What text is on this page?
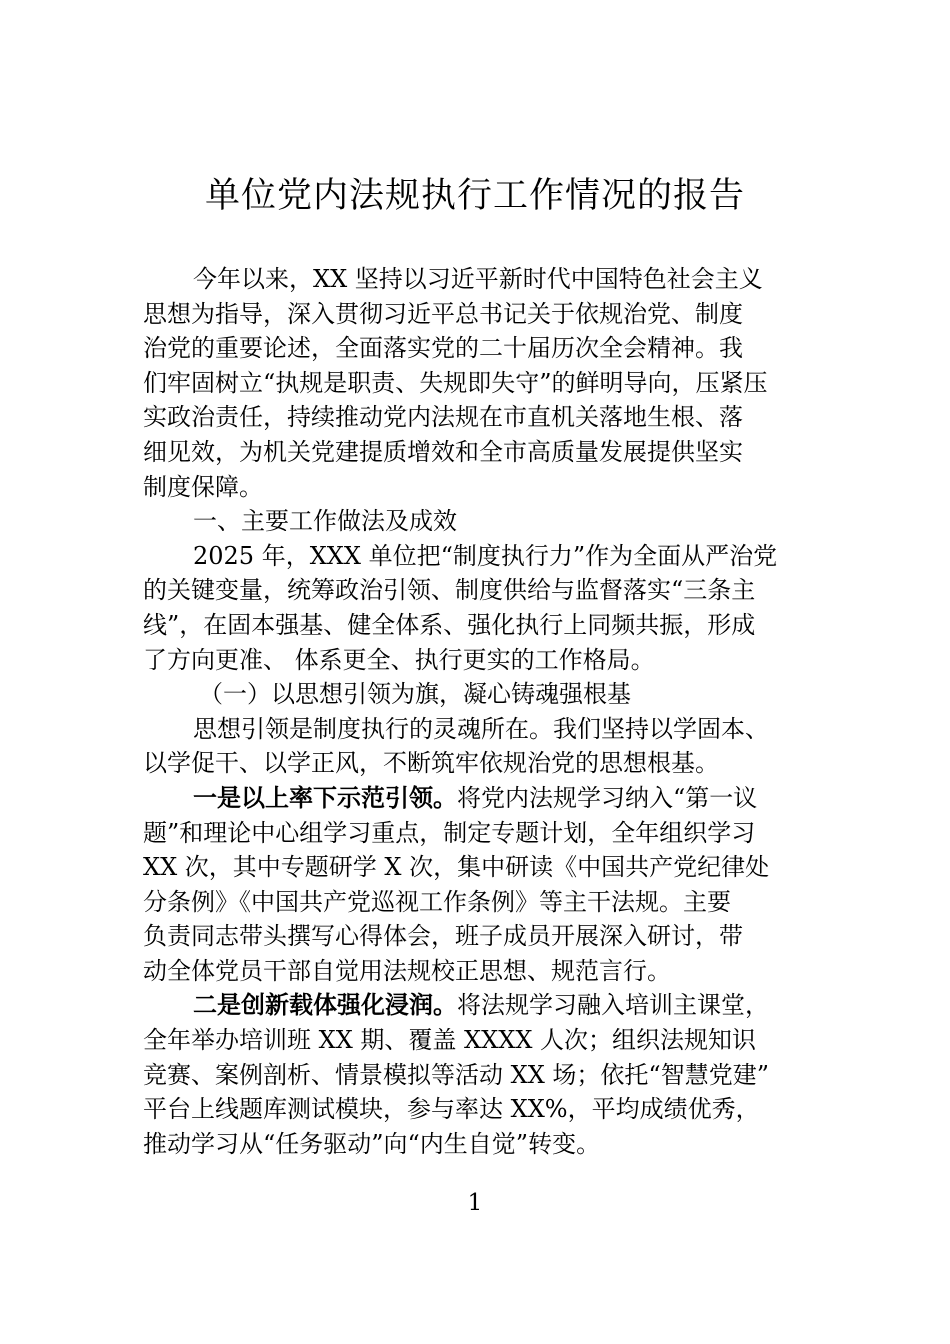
单位党内法规执行工作情况的报告
今年以来，XX 坚持以习近平新时代中国特色社会主义
思想为指导，深入贯彻习近平总书记关于依规治党、制度
治党的重要论述，全面落实党的二十届历次全会精神。我
们牢固树立“执规是职责、失规即失守”的鲜明导向，压紧压
实政治责任，持续推动党内法规在市直机关落地生根、落
细见效，为机关党建提质增效和全市高质量发展提供坚实
制度保障。
一、主要工作做法及成效
2025 年，XXX 单位把“制度执行力”作为全面从严治党
的关键变量，统筹政治引领、制度供给与监督落实“三条主
线”，在固本强基、健全体系、强化执行上同频共振，形成
了方向更准、 体系更全、执行更实的工作格局。
（一）以思想引领为旗，凝心铸魂强根基
思想引领是制度执行的灵魂所在。我们坚持以学固本、
以学促干、以学正风，不断筑牢依规治党的思想根基。
一是以上率下示范引领。将党内法规学习纳入“第一议
题”和理论中心组学习重点，制定专题计划，全年组织学习
XX 次，其中专题研学 X 次，集中研读《中国共产党纪律处
分条例》《中国共产党巡视工作条例》等主干法规。主要
负责同志带头撰写心得体会，班子成员开展深入研讨，带
动全体党员干部自觉用法规校正思想、规范言行。
二是创新载体强化浸润。将法规学习融入培训主课堂，
全年举办培训班 XX 期、覆盖 XXXX 人次；组织法规知识
竞赛、案例剖析、情景模拟等活动 XX 场；依托“智慧党建”
平台上线题库测试模块，参与率达 XX%，平均成绩优秀，
推动学习从“任务驱动”向“内生自觉”转变。
1
